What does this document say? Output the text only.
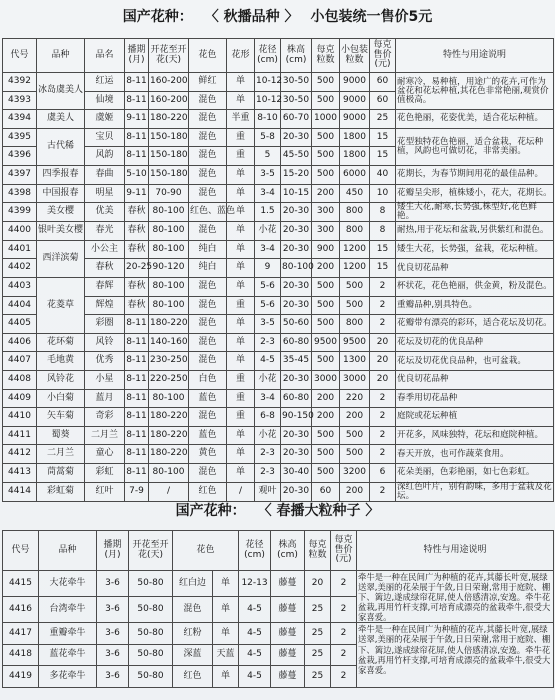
国产花种： 〈 秋播品种 〉 小包装统一售价5元
代号	品种	品名	播期(月)	开花至开花(天)	花色	花形	花径(cm)	株高(cm)	每克粒数	小包装粒数	每克售价(元)	特性与用途说明
4392	冰岛虞美人	红运	8-11	160-200	鲜红	单	10-12	30-50	500	9000	60	耐寒冷，易种植，用途广的花卉,可作为盆花和花坛种植,其花色非常艳丽,观赏价值极高。
4393		仙境	8-11	160-200	混色	单	10-12	30-50	500	9000	60	
4394	虞美人	虞姬	9-11	180-220	混色	半重	8-10	60-70	1000	9000	25	花色艳丽，花姿优美，适合花坛种植。
4395	古代稀	宝贝	8-11	150-180	混色	重	5-8	20-30	500	1800	15	花型独特花色艳丽，适合盆栽，花坛种植，风韵也可做切花，非常美丽。
4396		风韵	8-11	150-180	混色	重	5	45-50	500	1800	15	
4397	四季报春	春曲	5-10	150-180	混色	单	3-5	15-20	500	6000	40	花期长，为春节期间用花的最佳品种。
4398	中国报春	明星	9-11	70-90	混色	单	3-4	10-15	200	450	10	花瓣呈尖形，植株矮小，花大，花期长。
4399	美女樱	优美	春秋	80-100	红色、蓝色	单	1.5	20-30	300	800	8	矮生大花,耐寒,长势强,株型好,花色鲜艳。
4400	银叶美女樱	春光	春秋	80-100	混色	单	小花	20-30	300	800	8	耐热,用于花坛和盆栽,另供紫红和混色。
4401	西洋滨菊	小公主	春秋	80-100	纯白	单	3-4	20-30	900	1200	15	矮生大花，长势强，盆栽，花坛种植。
4402		春秋	20-25	90-120	纯白	单	9	80-100	200	1200	15	优良切花品种
4403	花菱草	春辉	春秋	80-100	混色	单	5-6	20-30	500	500	2	杯状花，花色艳丽，供金黄，粉及混色。
4404		辉煌	春秋	80-100	混色	重	5-6	20-30	500	500	2	重瓣品种,别具特色。
4405		彩圈	8-11	180-220	混色	单	3-5	50-60	500	800	2	花瓣带有漂亮的彩环，适合花坛及切花。
4406	花环菊	风铃	8-11	140-160	混色	单	2-3	60-80	9500	9500	20	花坛及切花的优良品种
4407	毛地黄	优秀	8-11	230-250	混色	单	4-5	35-45	500	1300	20	花坛及切花优良品种，也可盆栽。
4408	风铃花	小星	8-11	220-250	白色	重	小花	20-30	3000	3000	20	优良切花品种
4409	小白菊	蓝月	8-11	80-100	蓝色	重	3-4	60-80	200	220	2	春季用切花品种
4410	矢车菊	奇彩	8-11	180-220	混色	重	6-8	90-150	200	200	2	庭院或花坛种植
4411	蜀葵	二月兰	8-11	180-220	蓝色	单	小花	20-30	500	500	2	开花多，风味独特，花坛和庭院种植。
4412	二月兰	童心	8-11	180-220	黄色	单	2-3	20-30	500	500	2	春天开放，也可作蔬菜食用。
4413	茼蒿菊	彩虹	8-11	80-100	混色	单	2-3	30-40	500	3200	6	花朵美丽，色彩艳丽，如七色彩虹。
4414	彩虹菊	红叶	7-9	/	红色	/	观叶	20-30	60	200	2	深红色叶片，别有韵味，多用于盆栽及花坛。
国产花种： 〈 春播大粒种子 〉
代号	品种	播期(月)	开花至开花(天)	花色		花径(cm)	株高(cm)	每克粒数	每克售价(元)	特性与用途说明
4415	大花牵牛	3-6	50-80	红白边	单	12-13	藤蔓	20	2	牵牛是一种在民间广为种植的花卉,其藤长叶宽,展绿送翠,美丽的花朵展于午敛,日日荣谢,常用于庭院、棚下、篱边,遂成绿帘花屏,使人倍感清凉,安逸。牵牛花盆栽,再用竹杆支撑,可培育成漂亮的盆栽牵牛,很受大家喜爱。
4416	台湾牵牛	3-6	50-80	混色	单	4-5	藤蔓	25	2	
4417	重瓣牵牛	3-6	50-80	红粉	单	4-5	藤蔓	25	2	牵牛是一种在民间广为种植的花卉,其藤长叶宽,展绿送翠,美丽的花朵展于午敛,日日荣谢,常用于庭院、棚下、篱边,遂成绿帘花屏,使人倍感清凉,安逸。牵牛花盆栽,再用竹杆支撑,可培育成漂亮的盆栽牵牛,很受大家喜爱。
4418	蓝花牵牛	3-6	50-80	深蓝	天蓝	4-5	藤蔓	25	2	
4419	多花牵牛	3-6	50-80	红色	单	4-5	藤蔓	25	2	
